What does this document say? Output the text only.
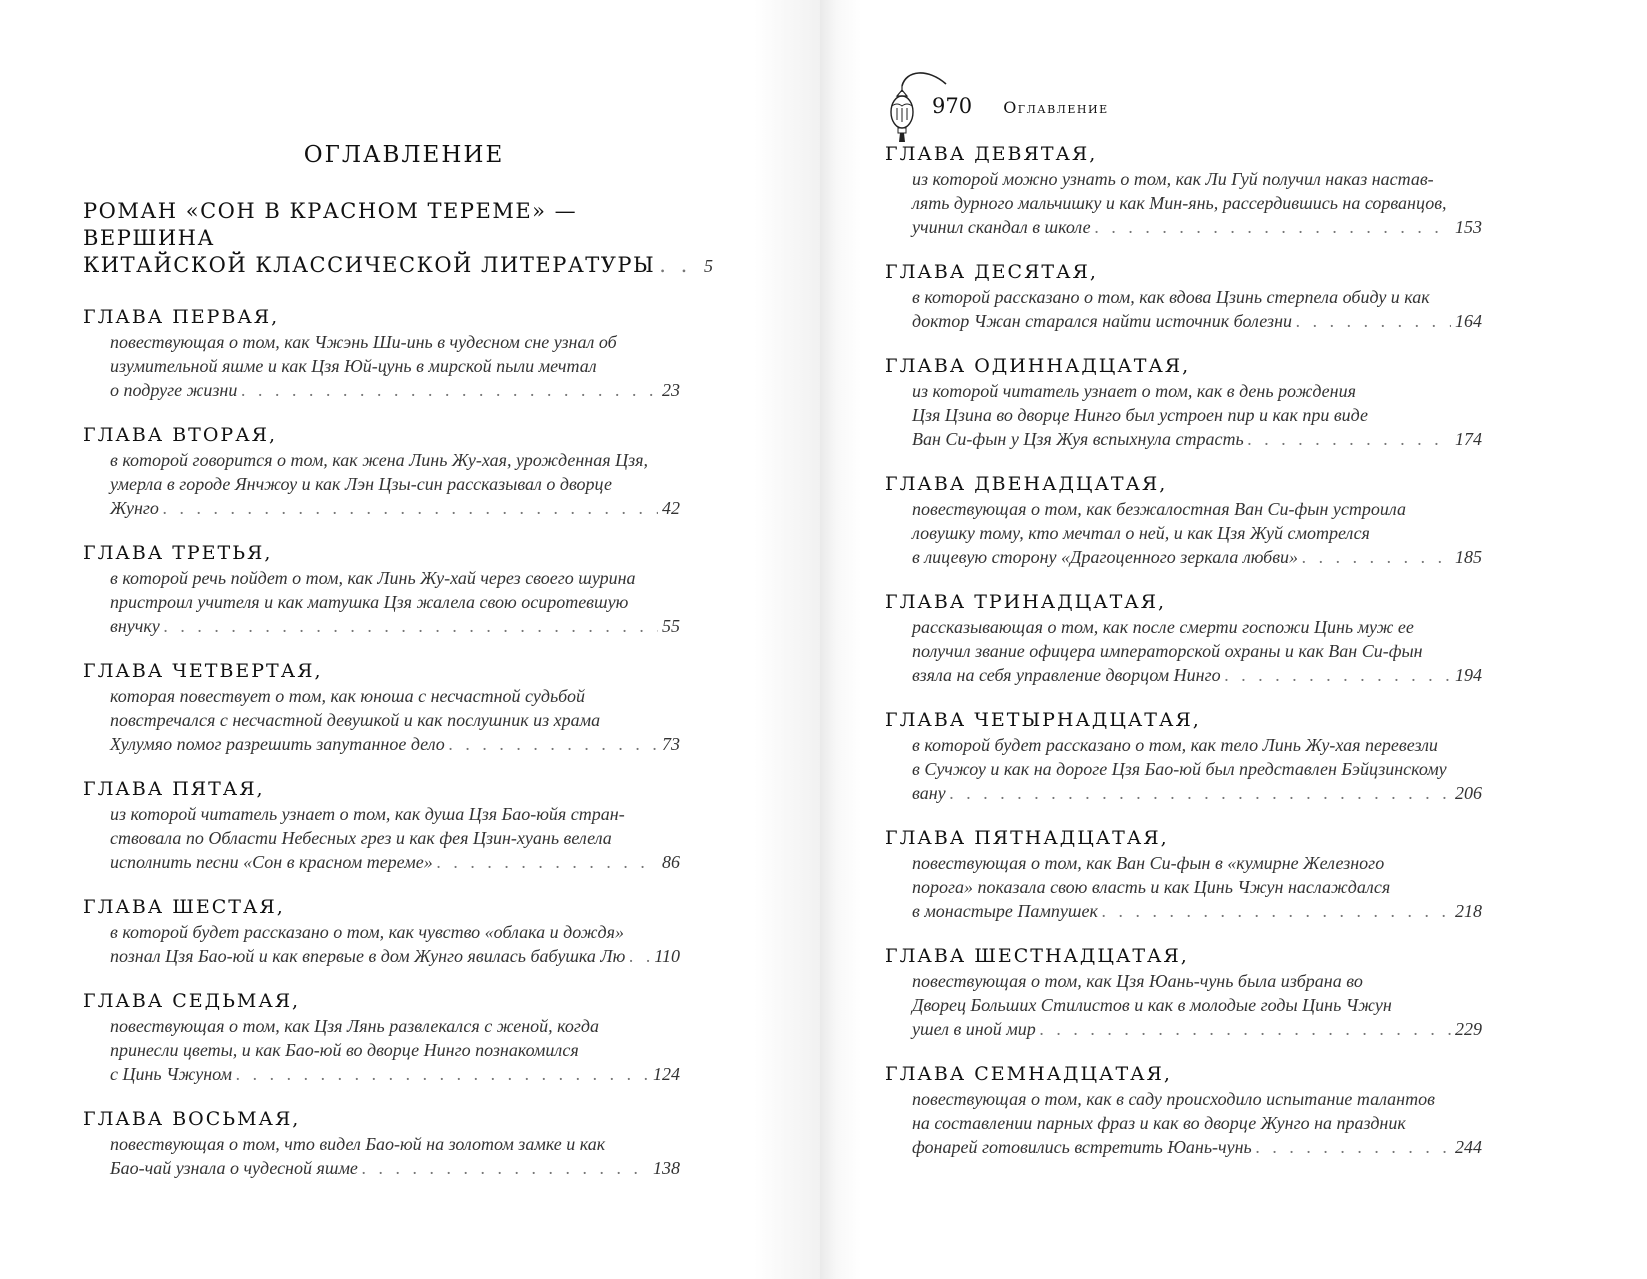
ОГЛАВЛЕНИЕ
РОМАН «СОН В КРАСНОМ ТЕРЕМЕ» — ВЕРШИНА
КИТАЙСКОЙ КЛАССИЧЕСКОЙ ЛИТЕРАТУРЫ . . .	5
ГЛАВА ПЕРВАЯ,
повествующая о том, как Чжэнь Ши-инь в чудесном сне узнал об
изумительной яшме и как Цзя Юй-цунь в мирской пыли мечтал
о подруге жизни . . .	23
ГЛАВА ВТОРАЯ,
в которой говорится о том, как жена Линь Жу-хая, урожденная Цзя,
умерла в городе Янчжоу и как Лэн Цзы-син рассказывал о дворце
Жунго . . .	42
ГЛАВА ТРЕТЬЯ,
в которой речь пойдет о том, как Линь Жу-хай через своего шурина
пристроил учителя и как матушка Цзя жалела свою осиротевшую
внучку . . .	55
ГЛАВА ЧЕТВЕРТАЯ,
которая повествует о том, как юноша с несчастной судьбой
повстречался с несчастной девушкой и как послушник из храма
Хулумяо помог разрешить запутанное дело . . .	73
ГЛАВА ПЯТАЯ,
из которой читатель узнает о том, как душа Цзя Бао-юйя стран-
ствовала по Области Небесных грез и как фея Цзин-хуань велела
исполнить песни «Сон в красном тереме» . . .	86
ГЛАВА ШЕСТАЯ,
в которой будет рассказано о том, как чувство «облака и дождя»
познал Цзя Бао-юй и как впервые в дом Жунго явилась бабушка Лю . . . 110
ГЛАВА СЕДЬМАЯ,
повествующая о том, как Цзя Лянь развлекался с женой, когда
принесли цветы, и как Бао-юй во дворце Нинго познакомился
с Цинь Чжуном . . .	124
ГЛАВА ВОСЬМАЯ,
повествующая о том, что видел Бао-юй на золотом замке и как
Бао-чай узнала о чудесной яшме . . .	138
970 Оглавление
ГЛАВА ДЕВЯТАЯ,
из которой можно узнать о том, как Ли Гуй получил наказ настав-
лять дурного мальчишку и как Мин-янь, рассердившись на сорванцов,
учинил скандал в школе . . .	153
ГЛАВА ДЕСЯТАЯ,
в которой рассказано о том, как вдова Цзинь стерпела обиду и как
доктор Чжан старался найти источник болезни . . .	164
ГЛАВА ОДИННАДЦАТАЯ,
из которой читатель узнает о том, как в день рождения
Цзя Цзина во дворце Нинго был устроен пир и как при виде
Ван Си-фын у Цзя Жуя вспыхнула страсть . . .	174
ГЛАВА ДВЕНАДЦАТАЯ,
повествующая о том, как безжалостная Ван Си-фын устроила
ловушку тому, кто мечтал о ней, и как Цзя Жуй смотрелся
в лицевую сторону «Драгоценного зеркала любви» . . .	185
ГЛАВА ТРИНАДЦАТАЯ,
рассказывающая о том, как после смерти госпожи Цинь муж ее
получил звание офицера императорской охраны и как Ван Си-фын
взяла на себя управление дворцом Нинго . . .	194
ГЛАВА ЧЕТЫРНАДЦАТАЯ,
в которой будет рассказано о том, как тело Линь Жу-хая перевезли
в Сучжоу и как на дороге Цзя Бао-юй был представлен Бэйцзинскому
вану . . .	206
ГЛАВА ПЯТНАДЦАТАЯ,
повествующая о том, как Ван Си-фын в «кумирне Железного
порога» показала свою власть и как Цинь Чжун наслаждался
в монастыре Пампушек . . .	218
ГЛАВА ШЕСТНАДЦАТАЯ,
повествующая о том, как Цзя Юань-чунь была избрана во
Дворец Больших Стилистов и как в молодые годы Цинь Чжун
ушел в иной мир . . .	229
ГЛАВА СЕМНАДЦАТАЯ,
повествующая о том, как в саду происходило испытание талантов
на составлении парных фраз и как во дворце Жунго на праздник
фонарей готовились встретить Юань-чунь . . .	244
